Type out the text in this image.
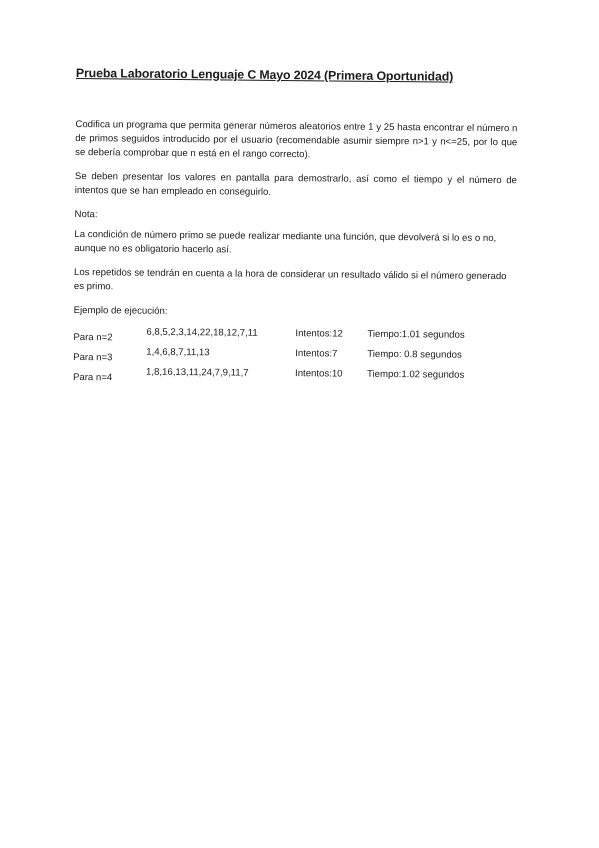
Prueba Laboratorio Lenguaje C Mayo 2024 (Primera Oportunidad)

Codifica un programa que permita generar números aleatorios entre 1 y 25 hasta encontrar el número n de primos seguidos introducido por el usuario (recomendable asumir siempre n>1 y n<=25, por lo que se debería comprobar que n está en el rango correcto).

Se deben presentar los valores en pantalla para demostrarlo, así como el tiempo y el número de intentos que se han empleado en conseguirlo.

Nota:

La condición de número primo se puede realizar mediante una función, que devolverá si lo es o no, aunque no es obligatorio hacerlo así.

Los repetidos se tendrán en cuenta a la hora de considerar un resultado válido si el número generado es primo.

Ejemplo de ejecución:
Para n=2	6,8,5,2,3,14,22,18,12,7,11	Intentos:12	Tiempo:1.01 segundos
Para n=3	1,4,6,8,7,11,13	Intentos:7	Tiempo: 0.8 segundos
Para n=4	1,8,16,13,11,24,7,9,11,7	Intentos:10	Tiempo:1.02 segundos
